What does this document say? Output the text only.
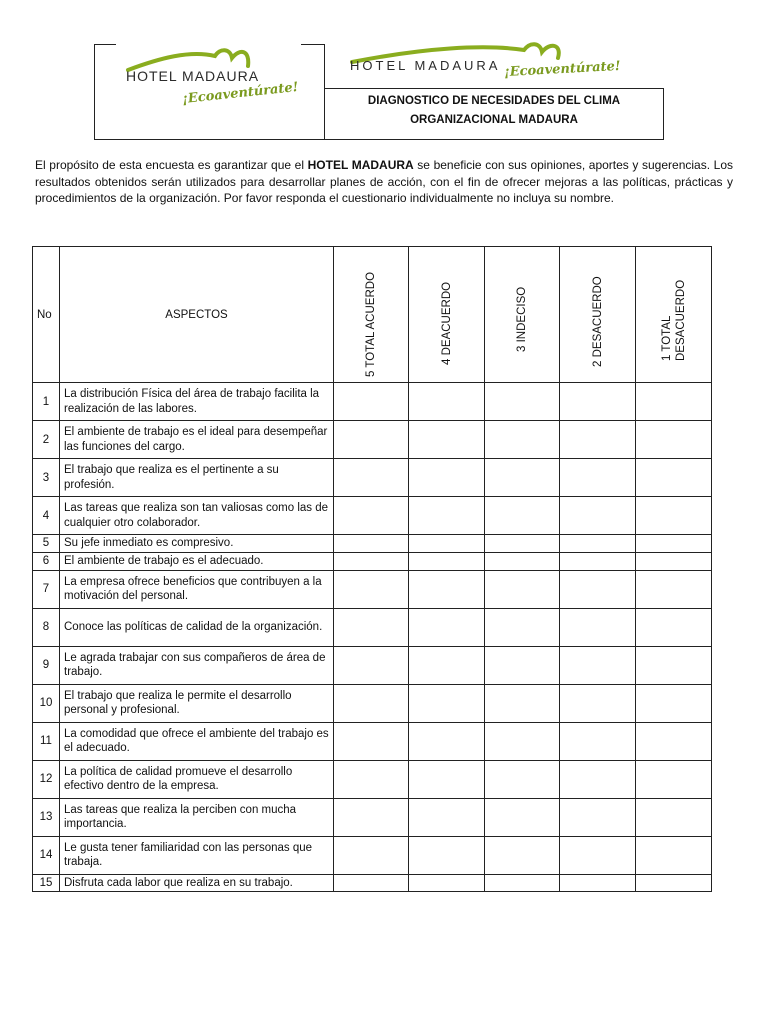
HOTEL MADAURA
¡Ecoaventúrate!
HOTEL MADAURA ¡Ecoaventúrate!
DIAGNOSTICO DE NECESIDADES DEL CLIMA
ORGANIZACIONAL MADAURA
El propósito de esta encuesta es garantizar que el HOTEL MADAURA se beneficie con sus opiniones, aportes y sugerencias. Los resultados obtenidos serán utilizados para desarrollar planes de acción, con el fin de ofrecer mejoras a las políticas, prácticas y procedimientos de la organización. Por favor responda el cuestionario individualmente no incluya su nombre.
No	ASPECTOS	5 TOTAL ACUERDO	4 DEACUERDO	3 INDECISO	2 DESACUERDO	1 TOTAL
DESACUERDO

1	La distribución Física del área de trabajo facilita la realización de las labores.					
2	El ambiente de trabajo es el ideal para desempeñar las funciones del cargo.					
3	El trabajo que realiza es el pertinente a su profesión.					
4	Las tareas que realiza son tan valiosas como las de cualquier otro colaborador.					
5	Su jefe inmediato es compresivo.					
6	El ambiente de trabajo es el adecuado.					
7	La empresa ofrece beneficios que contribuyen a la motivación del personal.					
8	Conoce las políticas de calidad de la organización.					
9	Le agrada trabajar con sus compañeros de área de trabajo.					
10	El trabajo que realiza le permite el desarrollo personal y profesional.					
11	La comodidad que ofrece el ambiente del trabajo es el adecuado.					
12	La política de calidad promueve el desarrollo efectivo dentro de la empresa.					
13	Las tareas que realiza la perciben con mucha importancia.					
14	Le gusta tener familiaridad con las personas que trabaja.					
15	Disfruta cada labor que realiza en su trabajo.					
